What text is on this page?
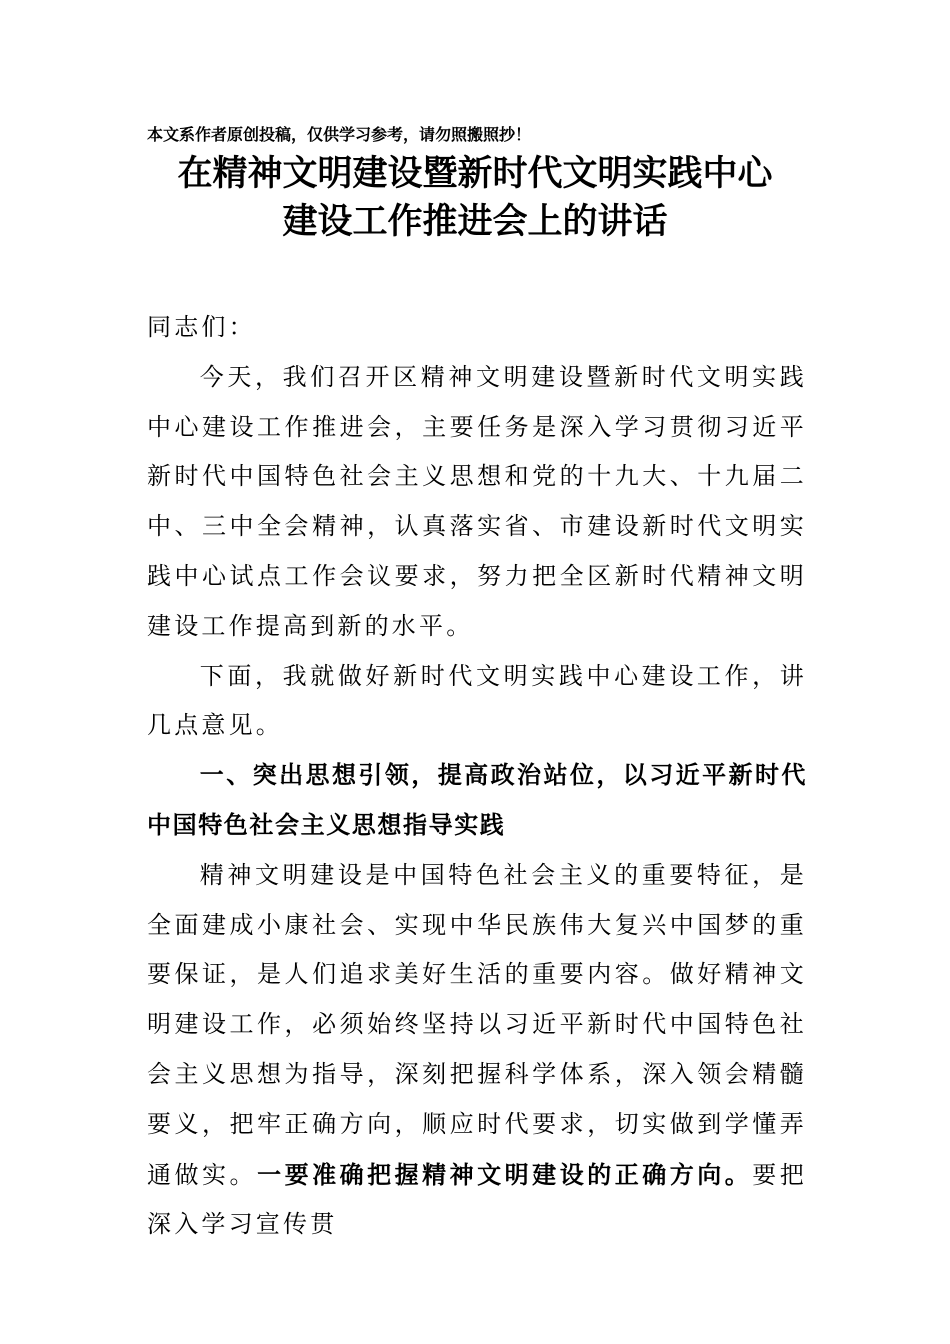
本文系作者原创投稿，仅供学习参考，请勿照搬照抄！
在精神文明建设暨新时代文明实践中心
建设工作推进会上的讲话

同志们：

今天，我们召开区精神文明建设暨新时代文明实践中心建设工作推进会，主要任务是深入学习贯彻习近平新时代中国特色社会主义思想和党的十九大、十九届二中、三中全会精神，认真落实省、市建设新时代文明实践中心试点工作会议要求，努力把全区新时代精神文明建设工作提高到新的水平。

下面，我就做好新时代文明实践中心建设工作，讲几点意见。

一、突出思想引领，提高政治站位，以习近平新时代中国特色社会主义思想指导实践

精神文明建设是中国特色社会主义的重要特征，是全面建成小康社会、实现中华民族伟大复兴中国梦的重要保证，是人们追求美好生活的重要内容。做好精神文明建设工作，必须始终坚持以习近平新时代中国特色社会主义思想为指导，深刻把握科学体系，深入领会精髓要义，把牢正确方向，顺应时代要求，切实做到学懂弄通做实。一要准确把握精神文明建设的正确方向。要把深入学习宣传贯
